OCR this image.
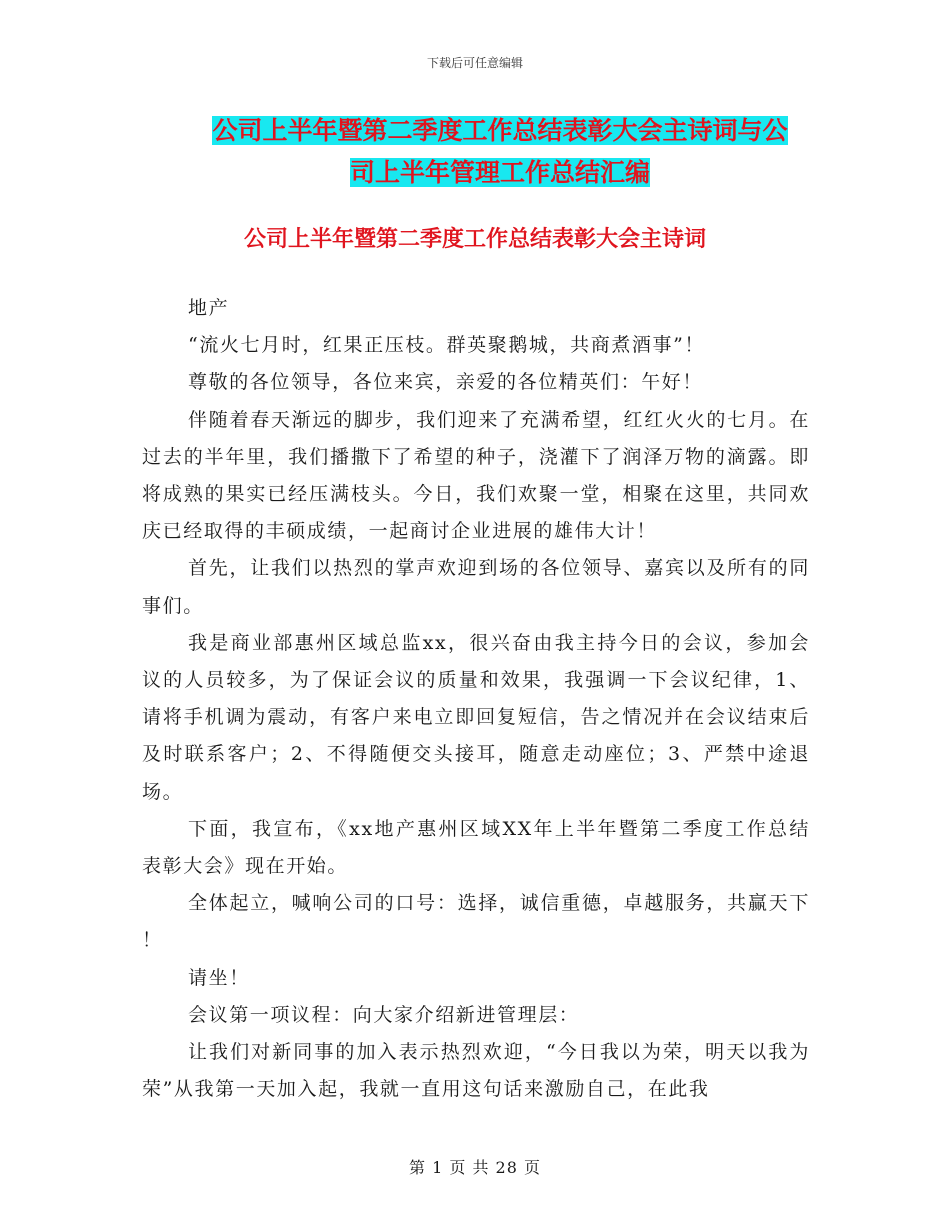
下载后可任意编辑
公司上半年暨第二季度工作总结表彰大会主诗词与公
司上半年管理工作总结汇编
公司上半年暨第二季度工作总结表彰大会主诗词

地产

“流火七月时，红果正压枝。群英聚鹅城，共商煮酒事”！

尊敬的各位领导，各位来宾，亲爱的各位精英们：午好！

伴随着春天渐远的脚步，我们迎来了充满希望，红红火火的七月。在过去的半年里，我们播撒下了希望的种子，浇灌下了润泽万物的滴露。即将成熟的果实已经压满枝头。今日，我们欢聚一堂，相聚在这里，共同欢庆已经取得的丰硕成绩，一起商讨企业进展的雄伟大计！

首先，让我们以热烈的掌声欢迎到场的各位领导、嘉宾以及所有的同事们。

我是商业部惠州区域总监xx，很兴奋由我主持今日的会议，参加会议的人员较多，为了保证会议的质量和效果，我强调一下会议纪律，1、请将手机调为震动，有客户来电立即回复短信，告之情况并在会议结束后及时联系客户；2、不得随便交头接耳，随意走动座位；3、严禁中途退场。

下面，我宣布，《xx地产惠州区域XX年上半年暨第二季度工作总结表彰大会》现在开始。

全体起立，喊响公司的口号：选择，诚信重德，卓越服务，共赢天下 ！

请坐！

会议第一项议程：向大家介绍新进管理层：

让我们对新同事的加入表示热烈欢迎，“今日我以为荣，明天以我为荣”从我第一天加入起，我就一直用这句话来激励自己，在此我

第 1 页 共 28 页
